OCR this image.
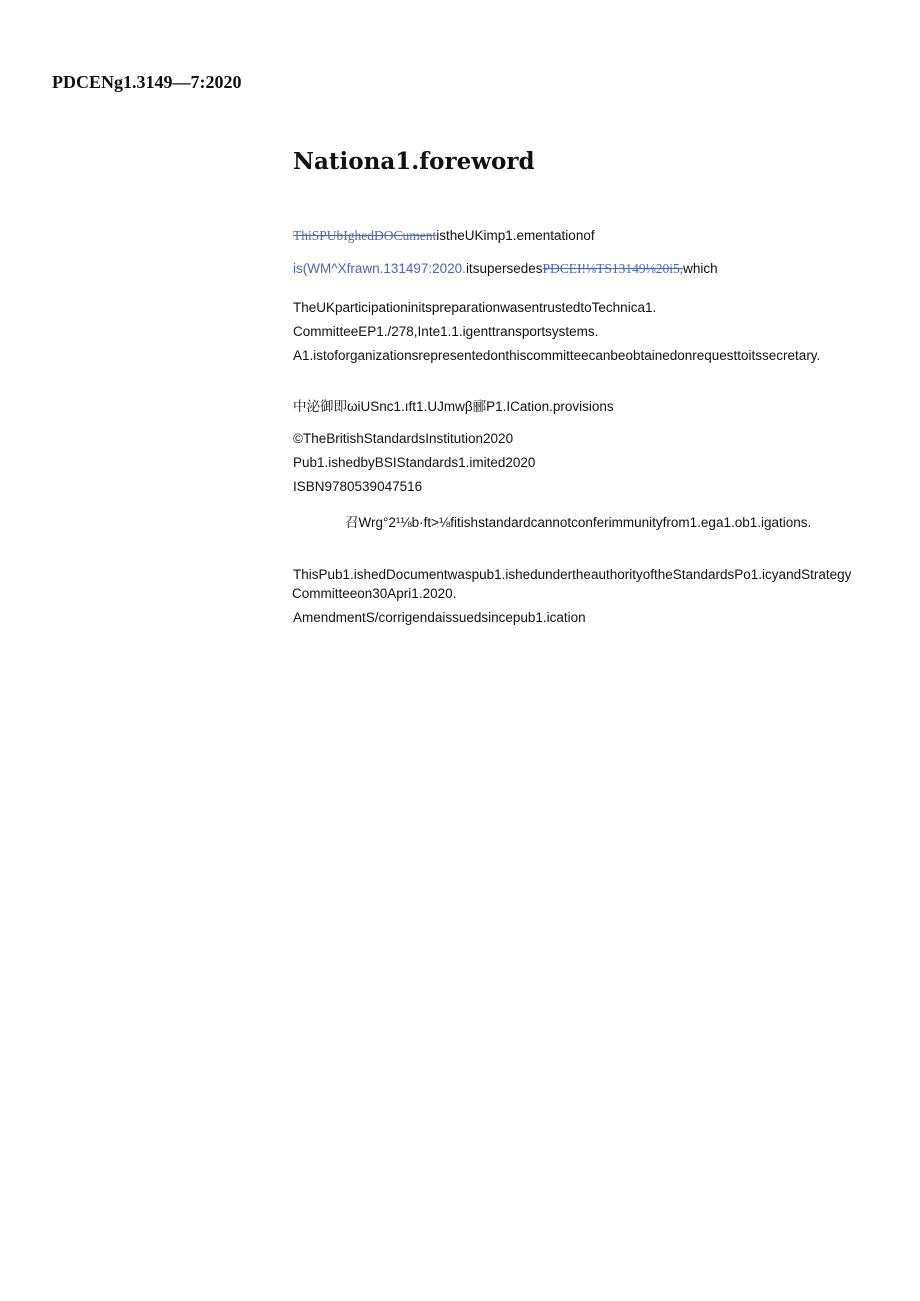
PDCENg1.3149—7:2020
Nationa1.foreword
ThiSPUbIghedDOCumentistheUKimp1.ementationof
is(WM^Xfrawn.131497:2020.itsupersedesPDCEI!⅛TS13149⅛20i5,which
TheUKparticipationinitspreparationwasentrustedtoTechnica1.
CommitteeEP1./278,Inte1.1.igenttransportsystems.
A1.istoforganizationsrepresentedonthiscommitteecanbeobtainedonrequesttoitssecretary.
中泌御即ωiUSnc1.ıft1.UJmwβ郦P1.ICation.provisions
©TheBritishStandardsInstitution2020
Pub1.ishedbyBSIStandards1.imited2020
ISBN9780539047516
召Wrg°2¹⅛b·ft>⅛fitishstandardcannotconferimmunityfrom1.ega1.ob1.igations.
ThisPub1.ishedDocumentwaspub1.ishedundertheauthorityoftheStandardsPo1.icyandStrategy
Committeeon30Apri1.2020.
AmendmentS/corrigendaissuedsincepub1.ication
